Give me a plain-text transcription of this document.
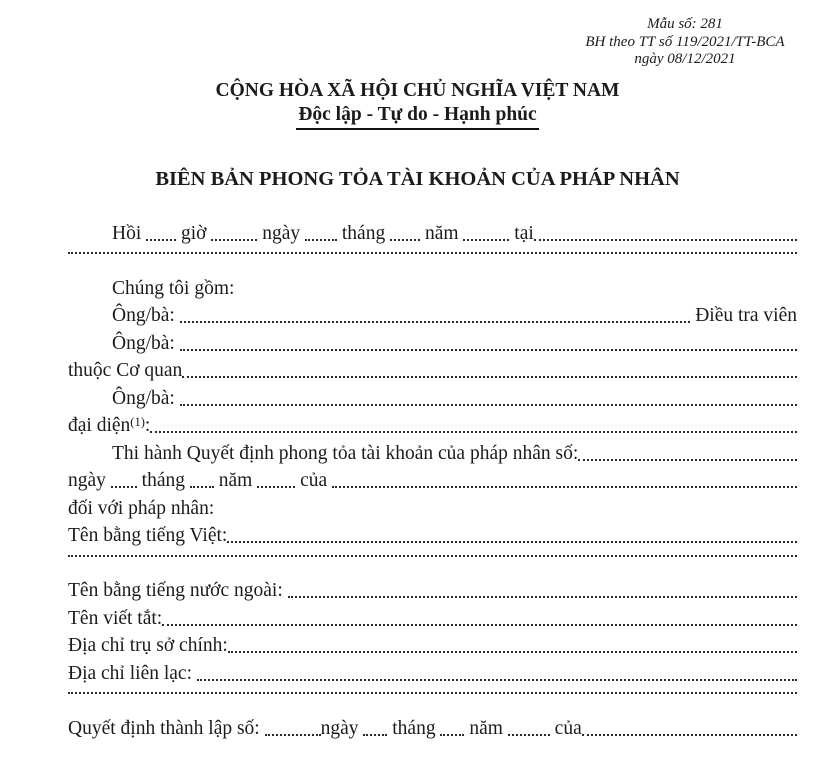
Mẫu số: 281
BH theo TT số 119/2021/TT-BCA
ngày 08/12/2021
CỘNG HÒA XÃ HỘI CHỦ NGHĨA VIỆT NAM
Độc lập - Tự do - Hạnh phúc
BIÊN BẢN PHONG TỎA TÀI KHOẢN CỦA PHÁP NHÂN
Hồi giờ ngày tháng năm tại
Chúng tôi gồm:
Ông/bà:	Điều tra viên
Ông/bà:
thuộc Cơ quan
Ông/bà:
đại diện$^{(1)}$ :
Thi hành Quyết định phong tỏa tài khoản của pháp nhân số:
ngày tháng năm của
đối với pháp nhân:
Tên bằng tiếng Việt:
Tên bằng tiếng nước ngoài:
Tên viết tắt:
Địa chỉ trụ sở chính:
Địa chỉ liên lạc:
Quyết định thành lập số:	ngày tháng năm của
